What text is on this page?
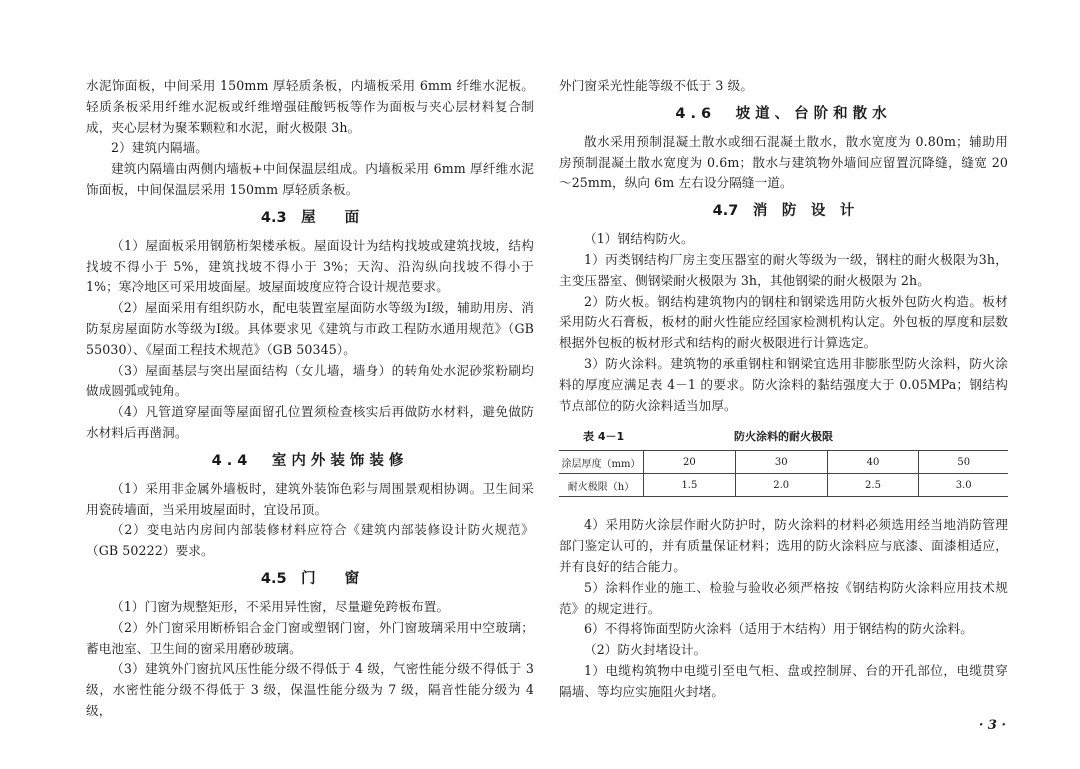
水泥饰面板，中间采用 150mm 厚轻质条板，内墙板采用 6mm 纤维水泥板。轻质条板采用纤维水泥板或纤维增强硅酸钙板等作为面板与夹心层材料复合制成，夹心层材为聚苯颗粒和水泥，耐火极限 3h。

2）建筑内隔墙。

建筑内隔墙由两侧内墙板+中间保温层组成。内墙板采用 6mm 厚纤维水泥饰面板，中间保温层采用 150mm 厚轻质条板。

4.3　屋　　面

（1）屋面板采用钢筋桁架楼承板。屋面设计为结构找坡或建筑找坡，结构找坡不得小于 5%，建筑找坡不得小于 3%；天沟、沿沟纵向找坡不得小于 1%；寒冷地区可采用坡面屋。坡屋面坡度应符合设计规范要求。

（2）屋面采用有组织防水，配电装置室屋面防水等级为Ⅰ级，辅助用房、消防泵房屋面防水等级为Ⅰ级。具体要求见《建筑与市政工程防水通用规范》（GB 55030）、《屋面工程技术规范》（GB 50345）。

（3）屋面基层与突出屋面结构（女儿墙，墙身）的转角处水泥砂浆粉刷均做成圆弧或钝角。

（4）凡管道穿屋面等屋面留孔位置须检查核实后再做防水材料，避免做防水材料后再凿洞。

4.4　室内外装饰装修

（1）采用非金属外墙板时，建筑外装饰色彩与周围景观相协调。卫生间采用瓷砖墙面，当采用坡屋面时，宜设吊顶。

（2）变电站内房间内部装修材料应符合《建筑内部装修设计防火规范》（GB 50222）要求。

4.5　门　　窗

（1）门窗为规整矩形，不采用异性窗，尽量避免跨板布置。

（2）外门窗采用断桥铝合金门窗或塑钢门窗，外门窗玻璃采用中空玻璃；蓄电池室、卫生间的窗采用磨砂玻璃。

（3）建筑外门窗抗风压性能分级不得低于 4 级，气密性能分级不得低于 3 级，水密性能分级不得低于 3 级，保温性能分级为 7 级，隔音性能分级为 4 级，

外门窗采光性能等级不低于 3 级。

4.6　坡道、台阶和散水

散水采用预制混凝土散水或细石混凝土散水，散水宽度为 0.80m；辅助用房预制混凝土散水宽度为 0.6m；散水与建筑物外墙间应留置沉降缝，缝宽 20～25mm，纵向 6m 左右设分隔缝一道。

4.7　消　防　设　计

（1）钢结构防火。

1）丙类钢结构厂房主变压器室的耐火等级为一级，钢柱的耐火极限为3h，主变压器室、侧钢梁耐火极限为 3h，其他钢梁的耐火极限为 2h。

2）防火板。钢结构建筑物内的钢柱和钢梁选用防火板外包防火构造。板材采用防火石膏板，板材的耐火性能应经国家检测机构认定。外包板的厚度和层数根据外包板的板材形式和结构的耐火极限进行计算选定。

3）防火涂料。建筑物的承重钢柱和钢梁宜选用非膨胀型防火涂料，防火涂料的厚度应满足表 4－1 的要求。防火涂料的黏结强度大于 0.05MPa；钢结构节点部位的防火涂料适当加厚。

表 4－1	防火涂料的耐火极限
涂层厚度（mm）	20	30	40	50
耐火极限（h）	1.5	2.0	2.5	3.0

4）采用防火涂层作耐火防护时，防火涂料的材料必须选用经当地消防管理部门鉴定认可的，并有质量保证材料；选用的防火涂料应与底漆、面漆相适应，并有良好的结合能力。

5）涂料作业的施工、检验与验收必须严格按《钢结构防火涂料应用技术规范》的规定进行。

6）不得将饰面型防火涂料（适用于木结构）用于钢结构的防火涂料。

（2）防火封堵设计。

1）电缆构筑物中电缆引至电气柜、盘或控制屏、台的开孔部位，电缆贯穿隔墙、等均应实施阻火封堵。

· 3 ·
